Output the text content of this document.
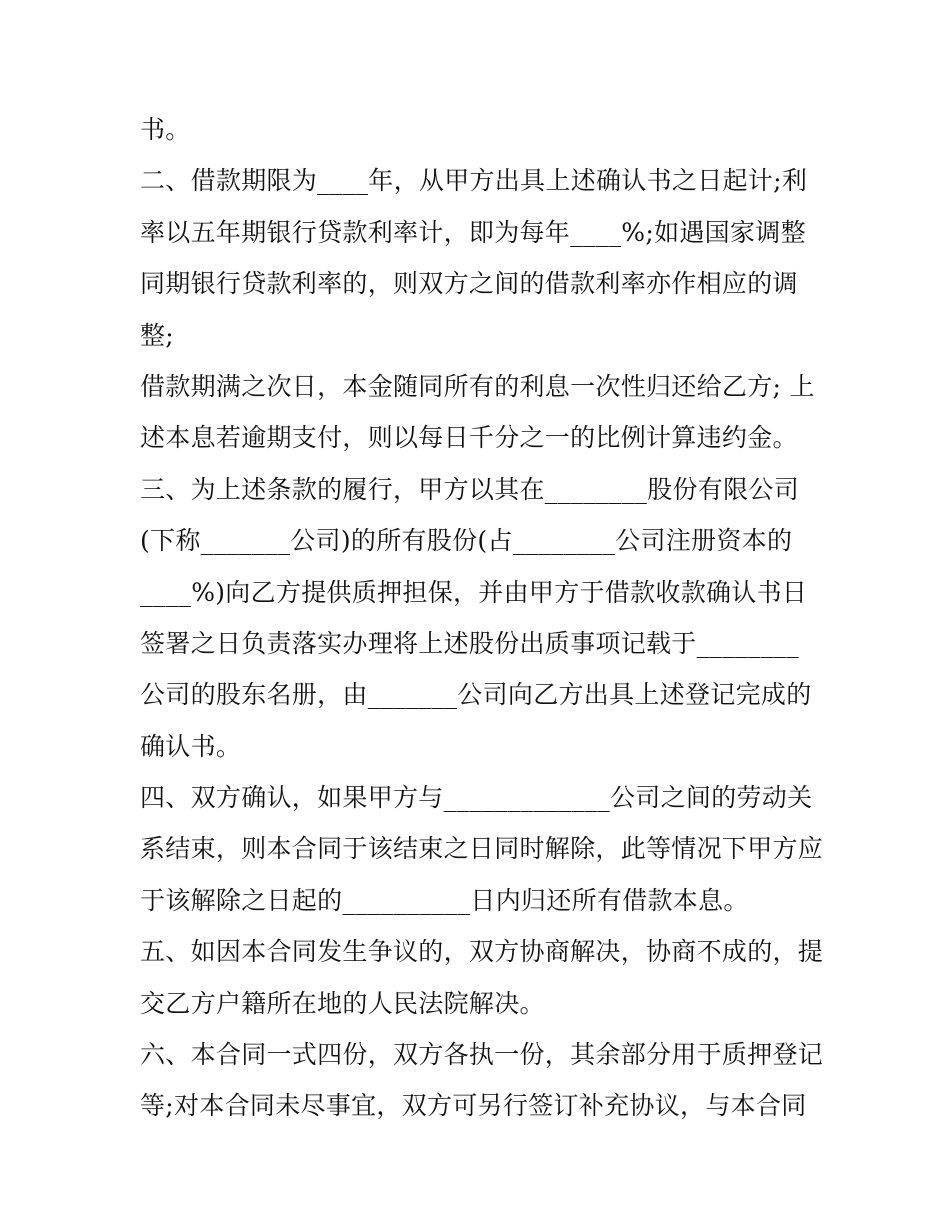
书。
二、借款期限为____年，从甲方出具上述确认书之日起计;利
率以五年期银行贷款利率计，即为每年____%;如遇国家调整
同期银行贷款利率的，则双方之间的借款利率亦作相应的调
整;
借款期满之次日，本金随同所有的利息一次性归还给乙方; 上
述本息若逾期支付，则以每日千分之一的比例计算违约金。
三、为上述条款的履行，甲方以其在________股份有限公司
(下称_______公司)的所有股份(占________公司注册资本的
____%)向乙方提供质押担保，并由甲方于借款收款确认书日
签署之日负责落实办理将上述股份出质事项记载于________
公司的股东名册，由_______公司向乙方出具上述登记完成的
确认书。
四、双方确认，如果甲方与_____________公司之间的劳动关
系结束，则本合同于该结束之日同时解除，此等情况下甲方应
于该解除之日起的__________日内归还所有借款本息。
五、如因本合同发生争议的，双方协商解决，协商不成的，提
交乙方户籍所在地的人民法院解决。
六、本合同一式四份，双方各执一份，其余部分用于质押登记
等;对本合同未尽事宜，双方可另行签订补充协议，与本合同
